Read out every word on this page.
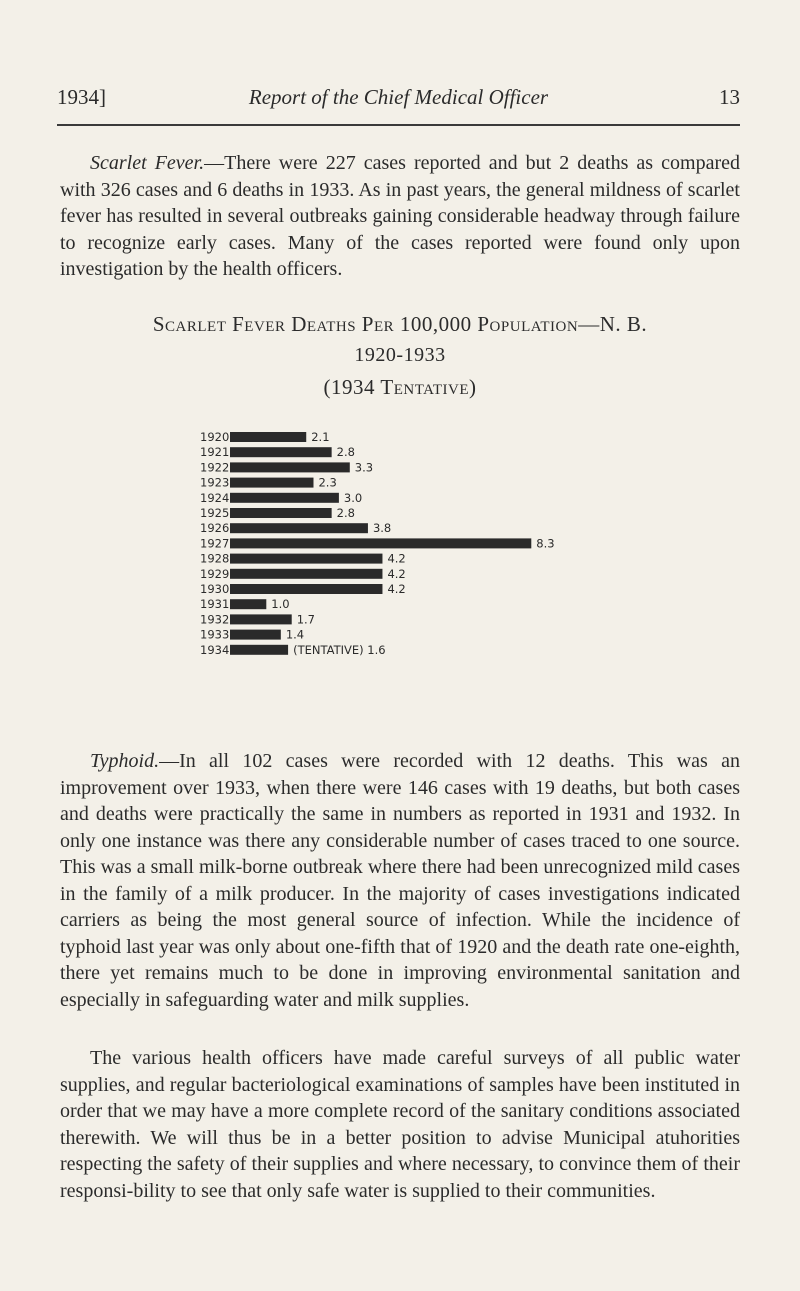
1934]	Report of the Chief Medical Officer	13

Scarlet Fever.—There were 227 cases reported and but 2 deaths as compared with 326 cases and 6 deaths in 1933. As in past years, the general mildness of scarlet fever has resulted in several outbreaks gaining considerable headway through failure to recognize early cases. Many of the cases reported were found only upon investigation by the health officers.

Scarlet Fever Deaths Per 100,000 Population—N. B.

1920-1933

(1934 Tentative)

1920	2.1
1921	2.8
1922	3.3
1923	2.3
1924	3.0
1925	2.8
1926	3.8
1927	8.3
1928	4.2
1929	4.2
1930	4.2
1931	1.0
1932	1.7
1933	1.4
1934	(TENTATIVE) 1.6

Typhoid.—In all 102 cases were recorded with 12 deaths. This was an improvement over 1933, when there were 146 cases with 19 deaths, but both cases and deaths were practically the same in numbers as reported in 1931 and 1932. In only one instance was there any considerable number of cases traced to one source. This was a small milk-borne outbreak where there had been unrecognized mild cases in the family of a milk producer. In the majority of cases investigations indicated carriers as being the most general source of infection. While the incidence of typhoid last year was only about one-fifth that of 1920 and the death rate one-eighth, there yet remains much to be done in improving environmental sanitation and especially in safeguarding water and milk supplies.

The various health officers have made careful surveys of all public water supplies, and regular bacteriological examinations of samples have been instituted in order that we may have a more complete record of the sanitary conditions associated therewith. We will thus be in a better position to advise Municipal atuhorities respecting the safety of their supplies and where necessary, to convince them of their responsi-bility to see that only safe water is supplied to their communities.
